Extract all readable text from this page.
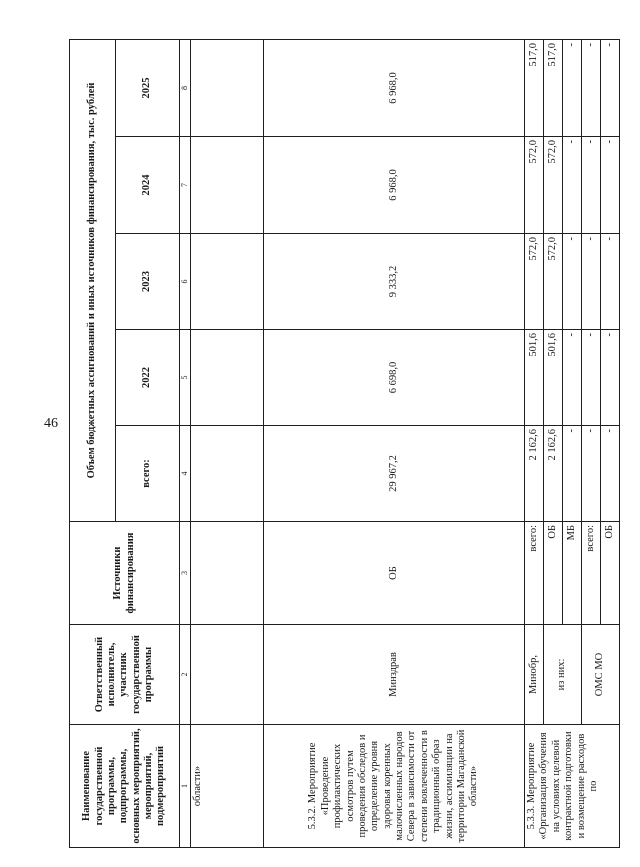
46
Наименование государственной программы, подпрограммы, основных мероприятий, мероприятий, подмероприятий	Ответственный исполнитель, участник государственной программы	Источники финансирования	Объем бюджетных ассигнований и иных источников финансирования, тыс. рублей				
			всего:	2022	2023	2024	2025
1	2	3	4	5	6	7	8
области»							
5.3.2. Мероприятие «Проведение профилактических осмотров путем проведения обследов и определение уровня здоровья коренных малочисленных народов Севера в зависимости от степени вовлеченности в традиционный образ жизни, ассимиляции на территории Магаданской области»	Минздрав	ОБ	29 967,2	6 698,0	9 333,2	6 968,0	6 968,0
5.3.3. Мероприятие «Организация обучения на условиях целевой контрактной подготовки и возмещение расходов по	Минобр,	всего:	2 162,6	501,6	572,0	572,0	517,0
	из них:	ОБ	2 162,6	501,6	572,0	572,0	517,0
		МБ	-	-	-	-	-
	ОМС МО	всего:	-	-	-	-	-
		ОБ	-	-	-	-	-
